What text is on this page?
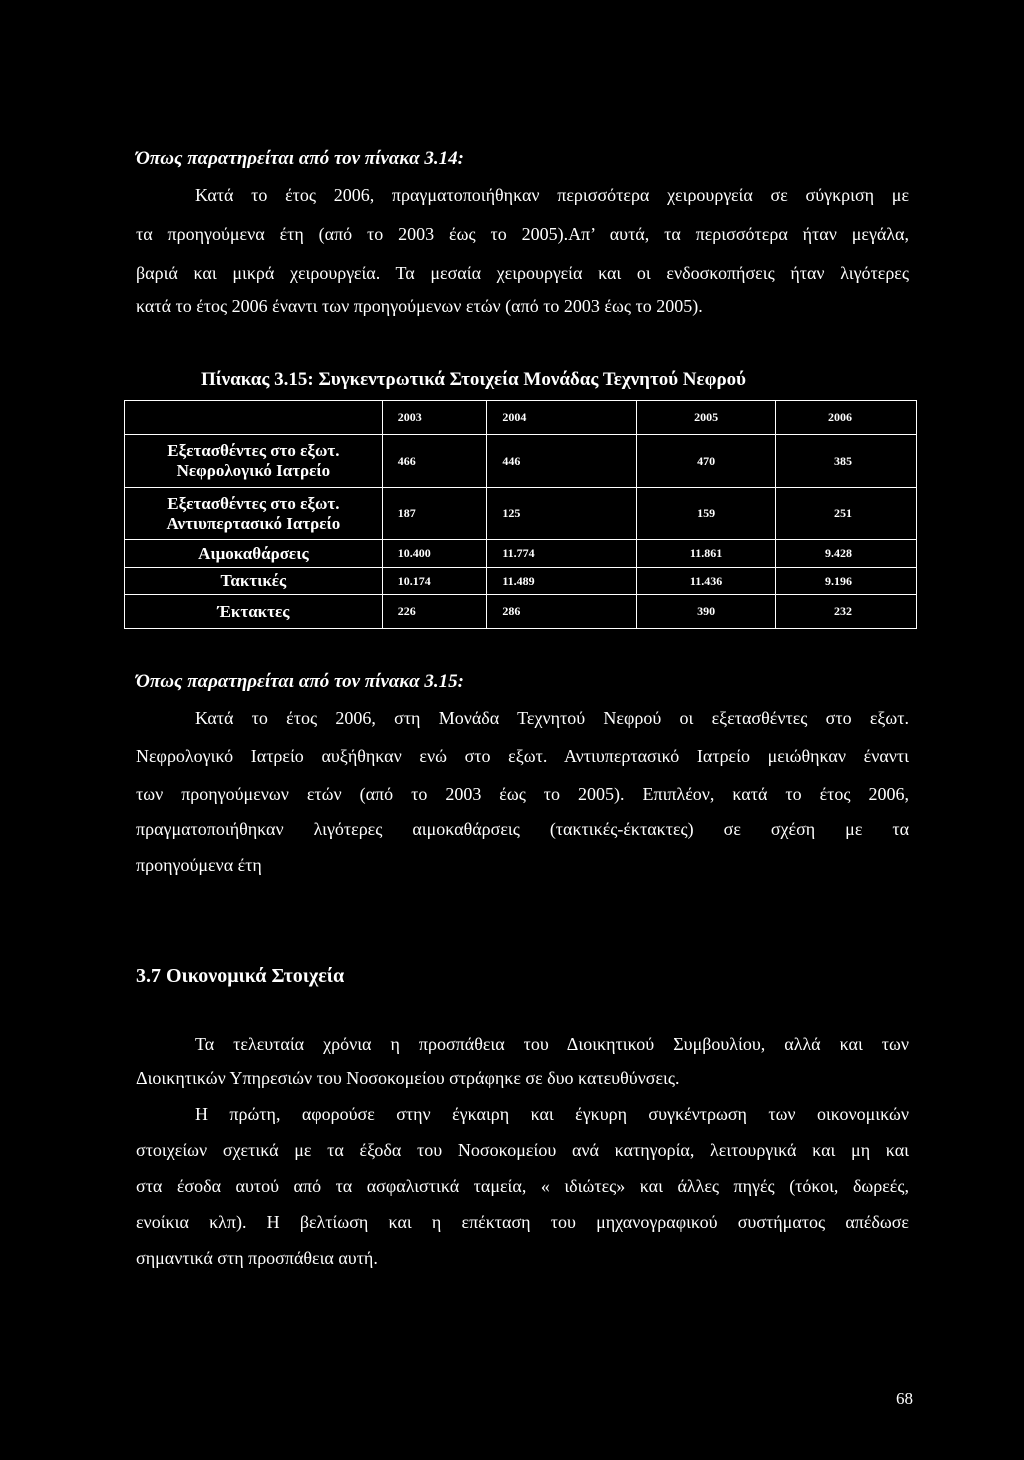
Όπως παρατηρείται από τον πίνακα 3.14:
Κατά το έτος 2006, πραγματοποιήθηκαν περισσότερα χειρουργεία σε σύγκριση με
τα προηγούμενα έτη (από το 2003 έως το 2005).Απ’ αυτά, τα περισσότερα ήταν μεγάλα,
βαριά και μικρά χειρουργεία. Τα μεσαία χειρουργεία και οι ενδοσκοπήσεις ήταν λιγότερες
κατά το έτος 2006 έναντι των προηγούμενων ετών (από το 2003 έως το 2005).
Πίνακας 3.15: Συγκεντρωτικά Στοιχεία Μονάδας Τεχνητού Νεφρού
	2003	2004	2005	2006

Εξετασθέντες στο εξωτ.
Νεφρολογικό Ιατρείο	466	446	470	385

Εξετασθέντες στο εξωτ.
Αντιυπερτασικό Ιατρείο	187	125	159	251
Αιμοκαθάρσεις	10.400	11.774	11.861	9.428
Τακτικές	10.174	11.489	11.436	9.196
Έκτακτες	226	286	390	232
Όπως παρατηρείται από τον πίνακα 3.15:
Κατά το έτος 2006, στη Μονάδα Τεχνητού Νεφρού οι εξετασθέντες στο εξωτ.
Νεφρολογικό Ιατρείο αυξήθηκαν ενώ στο εξωτ. Αντιυπερτασικό Ιατρείο μειώθηκαν έναντι
των προηγούμενων ετών (από το 2003 έως το 2005). Επιπλέον, κατά το έτος 2006,
πραγματοποιήθηκαν λιγότερες αιμοκαθάρσεις (τακτικές-έκτακτες) σε σχέση με τα
προηγούμενα έτη
3.7 Οικονομικά Στοιχεία
Τα τελευταία χρόνια η προσπάθεια του Διοικητικού Συμβουλίου, αλλά και των
Διοικητικών Υπηρεσιών του Νοσοκομείου στράφηκε σε δυο κατευθύνσεις.
Η πρώτη, αφορούσε στην έγκαιρη και έγκυρη συγκέντρωση των οικονομικών
στοιχείων σχετικά με τα έξοδα του Νοσοκομείου ανά κατηγορία, λειτουργικά και μη και
στα έσοδα αυτού από τα ασφαλιστικά ταμεία, « ιδιώτες» και άλλες πηγές (τόκοι, δωρεές,
ενοίκια κλπ). Η βελτίωση και η επέκταση του μηχανογραφικού συστήματος απέδωσε
σημαντικά στη προσπάθεια αυτή.
68
